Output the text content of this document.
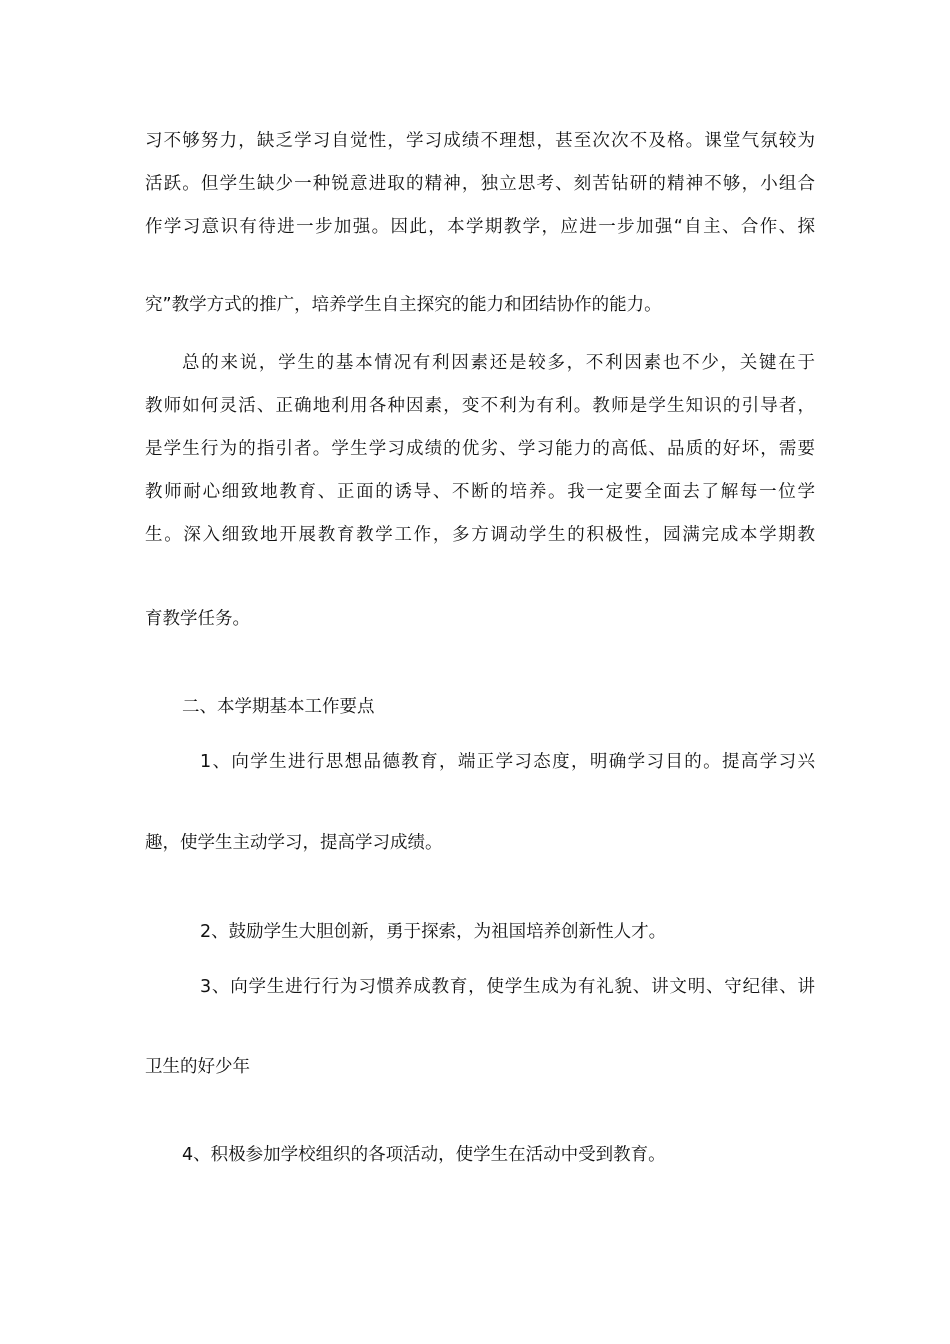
习不够努力，缺乏学习自觉性，学习成绩不理想，甚至次次不及格。课堂气氛较为
活跃。但学生缺少一种锐意进取的精神，独立思考、刻苦钻研的精神不够，小组合
作学习意识有待进一步加强。因此，本学期教学，应进一步加强“自主、合作、探
究”教学方式的推广，培养学生自主探究的能力和团结协作的能力。
总的来说，学生的基本情况有利因素还是较多，不利因素也不少，关键在于
教师如何灵活、正确地利用各种因素，变不利为有利。教师是学生知识的引导者，
是学生行为的指引者。学生学习成绩的优劣、学习能力的高低、品质的好坏，需要
教师耐心细致地教育、正面的诱导、不断的培养。我一定要全面去了解每一位学
生。深入细致地开展教育教学工作，多方调动学生的积极性，园满完成本学期教
育教学任务。
二、本学期基本工作要点
1、向学生进行思想品德教育，端正学习态度，明确学习目的。提高学习兴
趣，使学生主动学习，提高学习成绩。
2、鼓励学生大胆创新，勇于探索，为祖国培养创新性人才。
3、向学生进行行为习惯养成教育，使学生成为有礼貌、讲文明、守纪律、讲
卫生的好少年
4、积极参加学校组织的各项活动，使学生在活动中受到教育。
